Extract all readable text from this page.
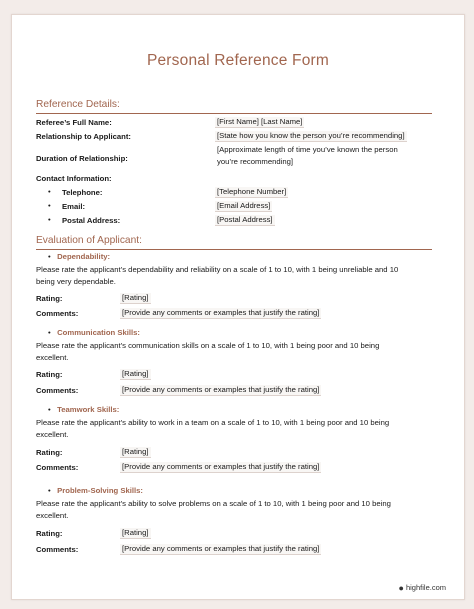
Personal Reference Form
Reference Details:
Referee’s Full Name:	[First Name] [Last Name]
Relationship to Applicant:	[State how you know the person you’re recommending]
Duration of Relationship:
[Approximate length of time you’ve known the person
you’re recommending]
Contact Information:
• Telephone:	[Telephone Number]
• Email:	[Email Address]
• Postal Address:	[Postal Address]
Evaluation of Applicant:
• Dependability:
Please rate the applicant’s dependability and reliability on a scale of 1 to 10, with 1 being unreliable and 10
being very dependable.
Rating:	[Rating]
Comments:	[Provide any comments or examples that justify the rating]
• Communication Skills:
Please rate the applicant's communication skills on a scale of 1 to 10, with 1 being poor and 10 being
excellent.
Rating:	[Rating]
Comments:	[Provide any comments or examples that justify the rating]
• Teamwork Skills:
Please rate the applicant's ability to work in a team on a scale of 1 to 10, with 1 being poor and 10 being
excellent.
Rating:	[Rating]
Comments:	[Provide any comments or examples that justify the rating]
• Problem-Solving Skills:
Please rate the applicant's ability to solve problems on a scale of 1 to 10, with 1 being poor and 10 being
excellent.
Rating:	[Rating]
Comments:	[Provide any comments or examples that justify the rating]
● highfile.com
